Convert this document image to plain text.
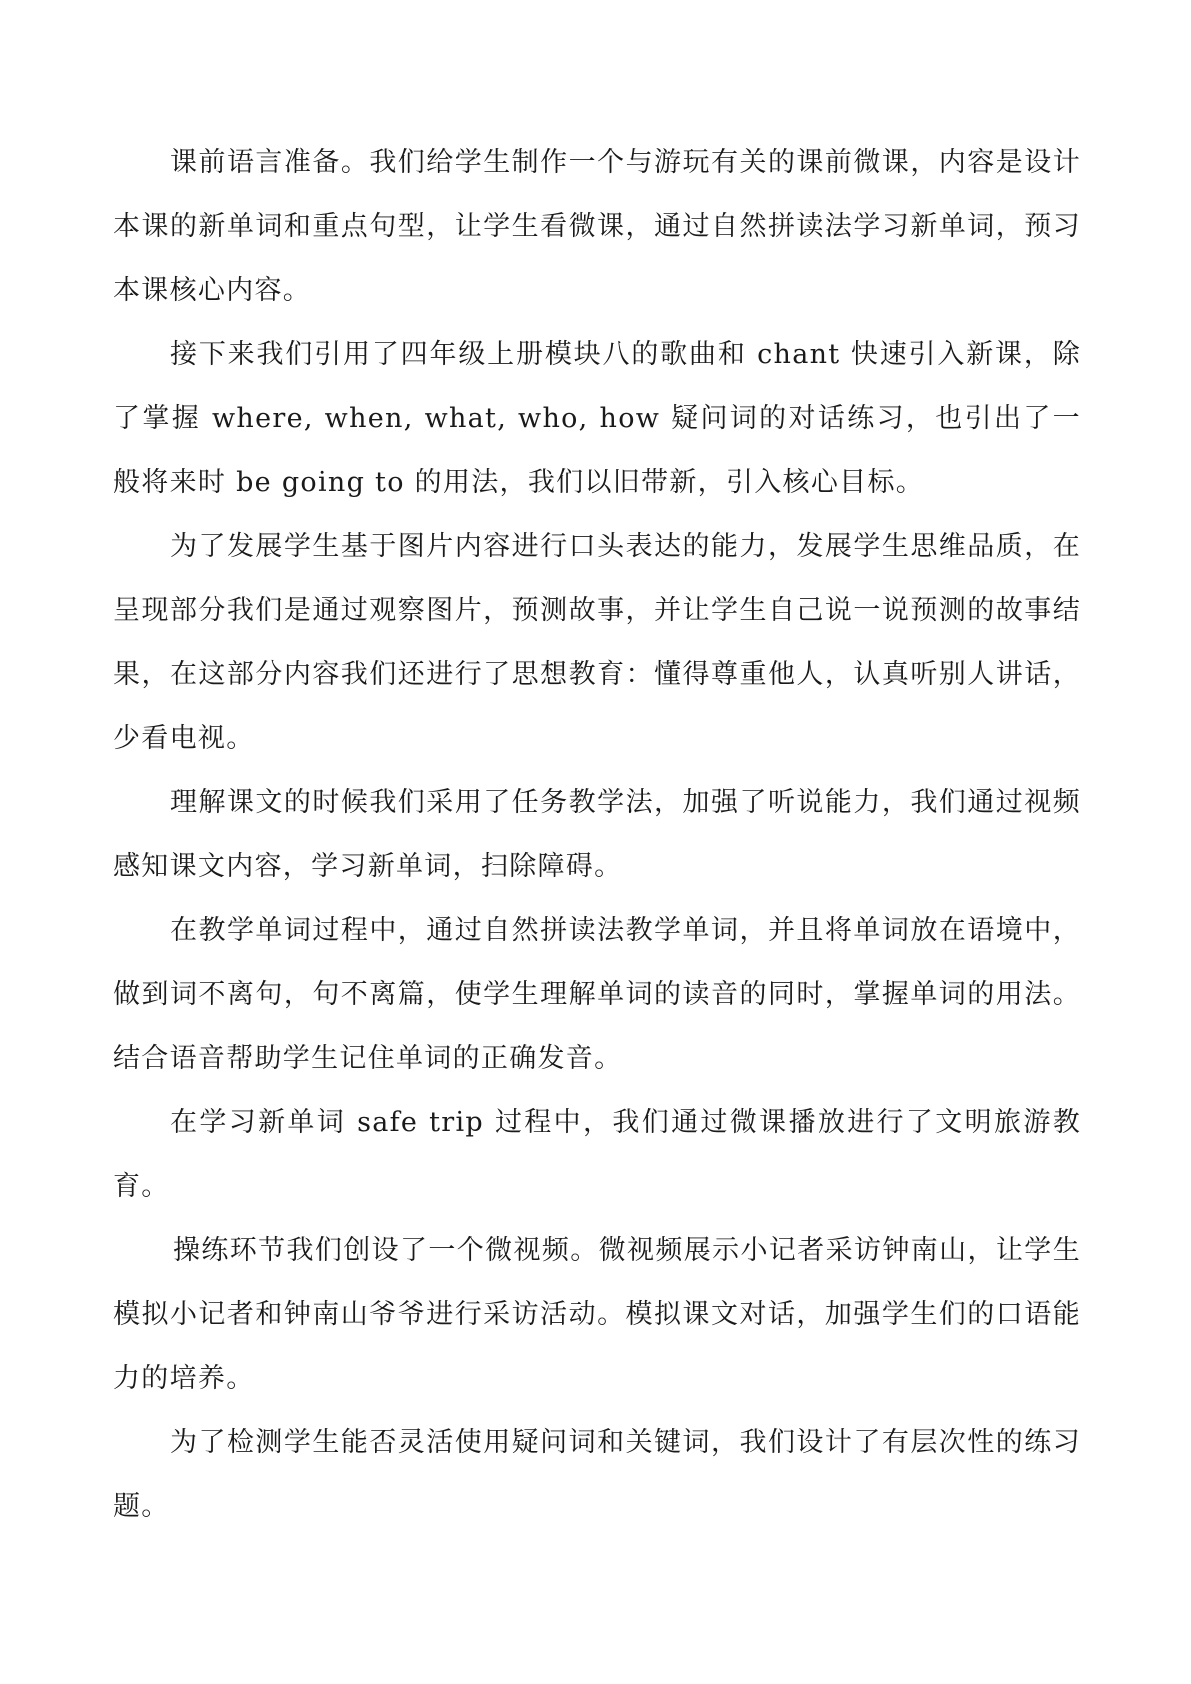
课前语言准备。我们给学生制作一个与游玩有关的课前微课，内容是设计本课的新单词和重点句型，让学生看微课，通过自然拼读法学习新单词，预习本课核心内容。

接下来我们引用了四年级上册模块八的歌曲和 chant 快速引入新课，除了掌握 where, when, what, who, how 疑问词的对话练习，也引出了一般将来时 be going to 的用法，我们以旧带新，引入核心目标。

为了发展学生基于图片内容进行口头表达的能力，发展学生思维品质，在呈现部分我们是通过观察图片，预测故事，并让学生自己说一说预测的故事结果，在这部分内容我们还进行了思想教育：懂得尊重他人，认真听别人讲话，少看电视。

理解课文的时候我们采用了任务教学法，加强了听说能力，我们通过视频感知课文内容，学习新单词，扫除障碍。

在教学单词过程中，通过自然拼读法教学单词，并且将单词放在语境中，做到词不离句，句不离篇，使学生理解单词的读音的同时，掌握单词的用法。结合语音帮助学生记住单词的正确发音。

在学习新单词 safe trip 过程中，我们通过微课播放进行了文明旅游教育。

操练环节我们创设了一个微视频。微视频展示小记者采访钟南山，让学生模拟小记者和钟南山爷爷进行采访活动。模拟课文对话，加强学生们的口语能力的培养。

为了检测学生能否灵活使用疑问词和关键词，我们设计了有层次性的练习题。
